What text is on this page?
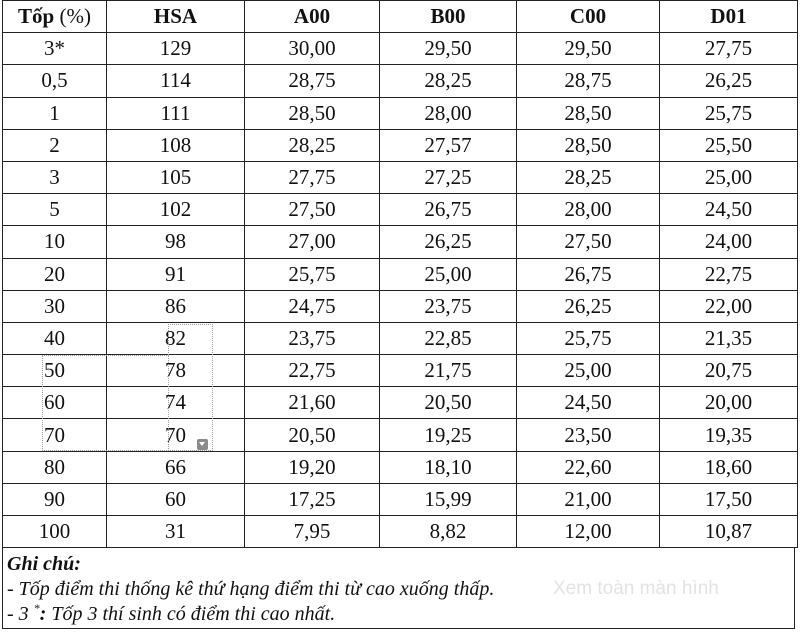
Tốp (%)	HSA	A00	B00	C00	D01
3*	129	30,00	29,50	29,50	27,75
0,5	114	28,75	28,25	28,75	26,25
1	111	28,50	28,00	28,50	25,75
2	108	28,25	27,57	28,50	25,50
3	105	27,75	27,25	28,25	25,00
5	102	27,50	26,75	28,00	24,50
10	98	27,00	26,25	27,50	24,00
20	91	25,75	25,00	26,75	22,75
30	86	24,75	23,75	26,25	22,00
40	82	23,75	22,85	25,75	21,35
50	78	22,75	21,75	25,00	20,75
60	74	21,60	20,50	24,50	20,00
70	70	20,50	19,25	23,50	19,35
80	66	19,20	18,10	22,60	18,60
90	60	17,25	15,99	21,00	17,50
100	31	7,95	8,82	12,00	10,87
Ghi chú:
- Tốp điểm thi thống kê thứ hạng điểm thi từ cao xuống thấp.
- 3 *: Tốp 3 thí sinh có điểm thi cao nhất.
Xem toàn màn hình
